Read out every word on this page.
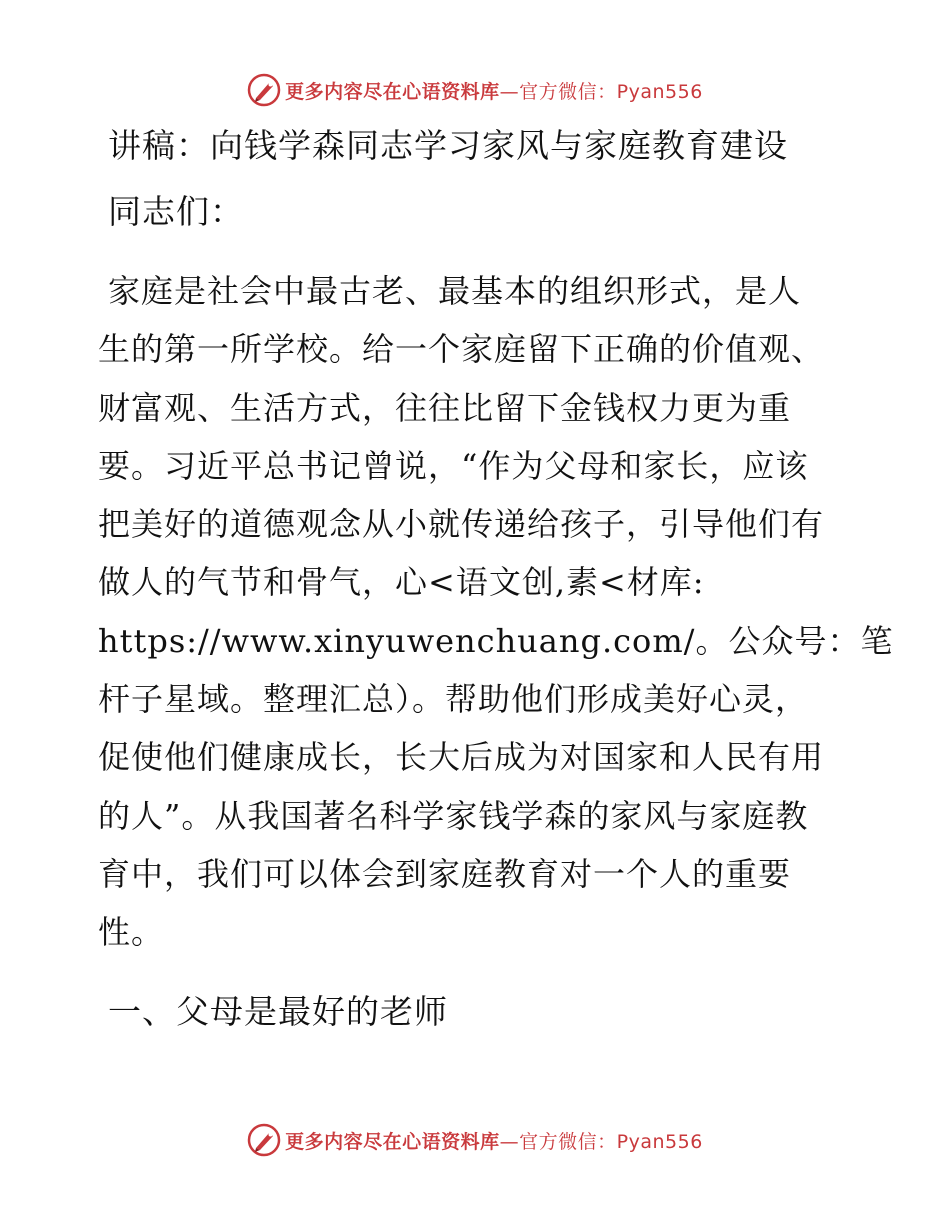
更多内容尽在心语资料库—官方微信：Pyan556
讲稿：向钱学森同志学习家风与家庭教育建设
同志们：
家庭是社会中最古老、最基本的组织形式，是人
生的第一所学校。给一个家庭留下正确的价值观、
财富观、生活方式，往往比留下金钱权力更为重
要。习近平总书记曾说，“作为父母和家长，应该
把美好的道德观念从小就传递给孩子，引导他们有
做人的气节和骨气，心<语文创,素<材库:
https://www.xinyuwenchuang.com/。公众号：笔
杆子星域。整理汇总）。帮助他们形成美好心灵，
促使他们健康成长，长大后成为对国家和人民有用
的人”。从我国著名科学家钱学森的家风与家庭教
育中，我们可以体会到家庭教育对一个人的重要
性。
一、父母是最好的老师
更多内容尽在心语资料库—官方微信：Pyan556
